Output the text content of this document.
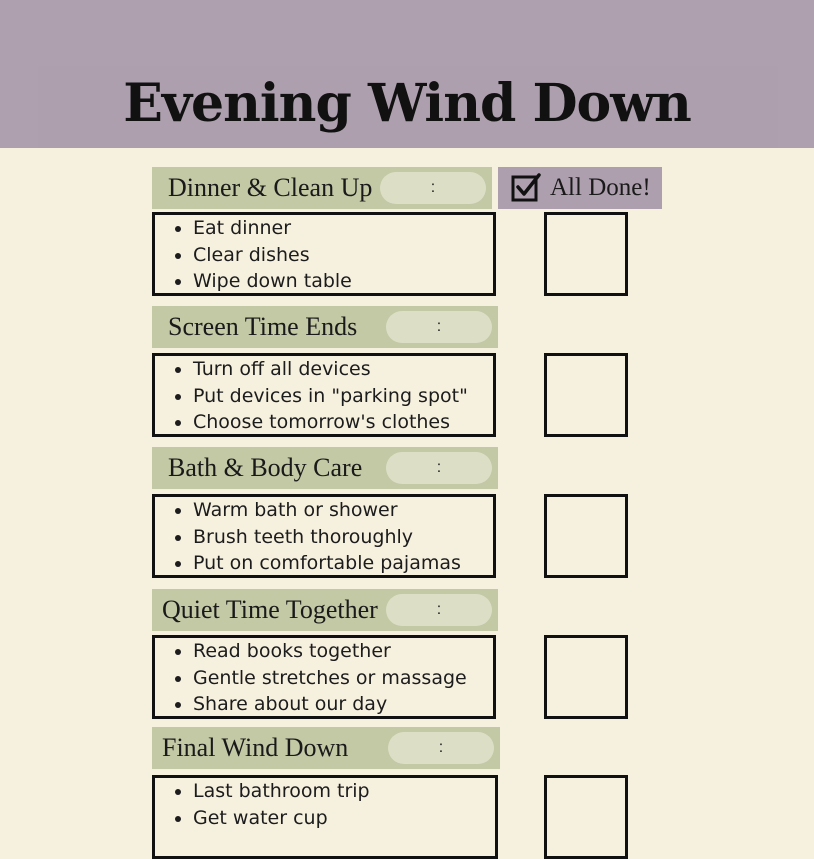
Evening Wind Down
All Done!
Dinner & Clean Up	:
• Eat dinner
• Clear dishes
• Wipe down table
Screen Time Ends	:
• Turn off all devices
• Put devices in "parking spot"
• Choose tomorrow's clothes
Bath & Body Care	:
• Warm bath or shower
• Brush teeth thoroughly
• Put on comfortable pajamas
Quiet Time Together	:
• Read books together
• Gentle stretches or massage
• Share about our day
Final Wind Down	:
• Last bathroom trip
• Get water cup
